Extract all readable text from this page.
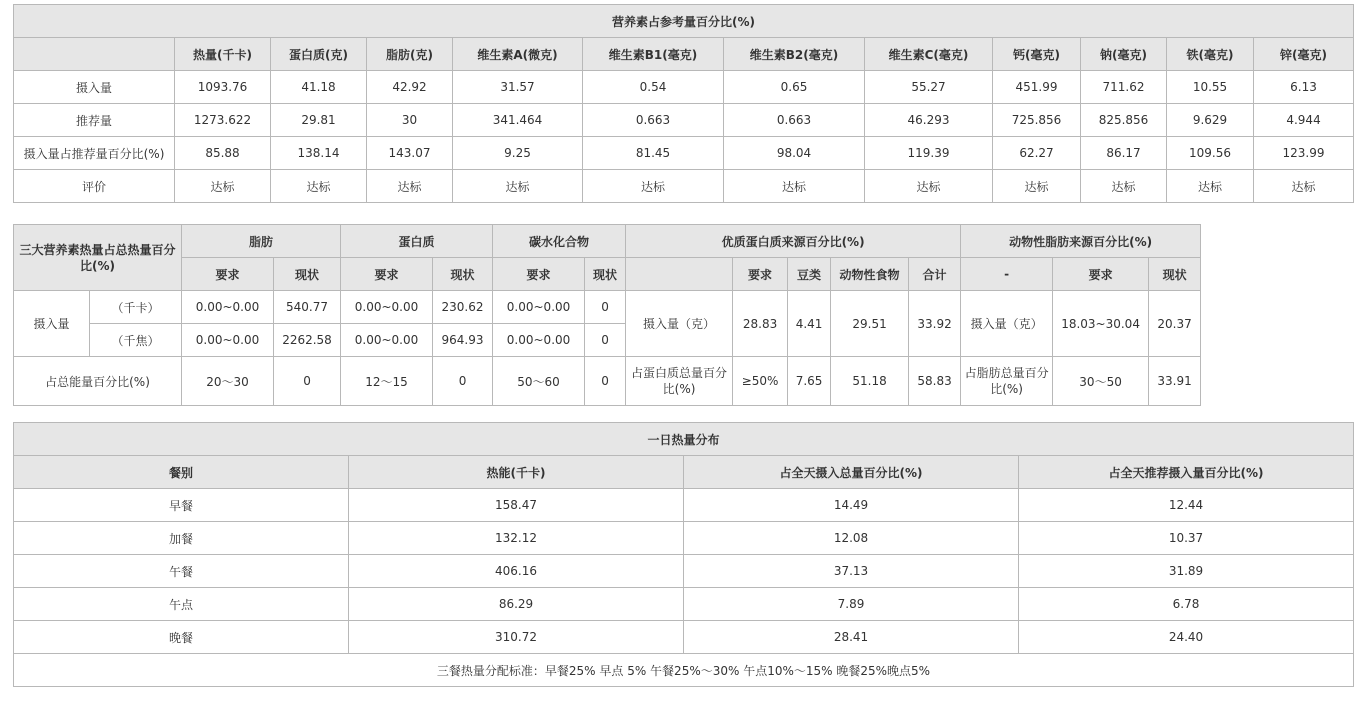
营养素占参考量百分比(%)											
	热量(千卡)	蛋白质(克)	脂肪(克)	维生素A(微克)	维生素B1(毫克)	维生素B2(毫克)	维生素C(毫克)	钙(毫克)	钠(毫克)	铁(毫克)	锌(毫克)
摄入量	1093.76	41.18	42.92	31.57	0.54	0.65	55.27	451.99	711.62	10.55	6.13
推荐量	1273.622	29.81	30	341.464	0.663	0.663	46.293	725.856	825.856	9.629	4.944
摄入量占推荐量百分比(%)	85.88	138.14	143.07	9.25	81.45	98.04	119.39	62.27	86.17	109.56	123.99
评价	达标	达标	达标	达标	达标	达标	达标	达标	达标	达标	达标
三大营养素热量占总热量百分比(%)		脂肪		蛋白质		碳水化合物		优质蛋白质来源百分比(%)					动物性脂肪来源百分比(%)		
		要求	现状	要求	现状	要求	现状		要求	豆类	动物性食物	合计	-	要求	现状
摄入量	（千卡）	0.00~0.00	540.77	0.00~0.00	230.62	0.00~0.00	0	摄入量（克）	28.83	4.41	29.51	33.92	摄入量（克）	18.03~30.04	20.37
	（千焦）	0.00~0.00	2262.58	0.00~0.00	964.93	0.00~0.00	0								
占总能量百分比(%)		20～30	0	12～15	0	50～60	0	占蛋白质总量百分比(%)	≥50%	7.65	51.18	58.83	占脂肪总量百分比(%)	30～50	33.91
一日热量分布			
餐别	热能(千卡)	占全天摄入总量百分比(%)	占全天推荐摄入量百分比(%)
早餐	158.47	14.49	12.44
加餐	132.12	12.08	10.37
午餐	406.16	37.13	31.89
午点	86.29	7.89	6.78
晚餐	310.72	28.41	24.40
三餐热量分配标准：早餐25% 早点 5% 午餐25%～30% 午点10%～15% 晚餐25%晚点5%			
